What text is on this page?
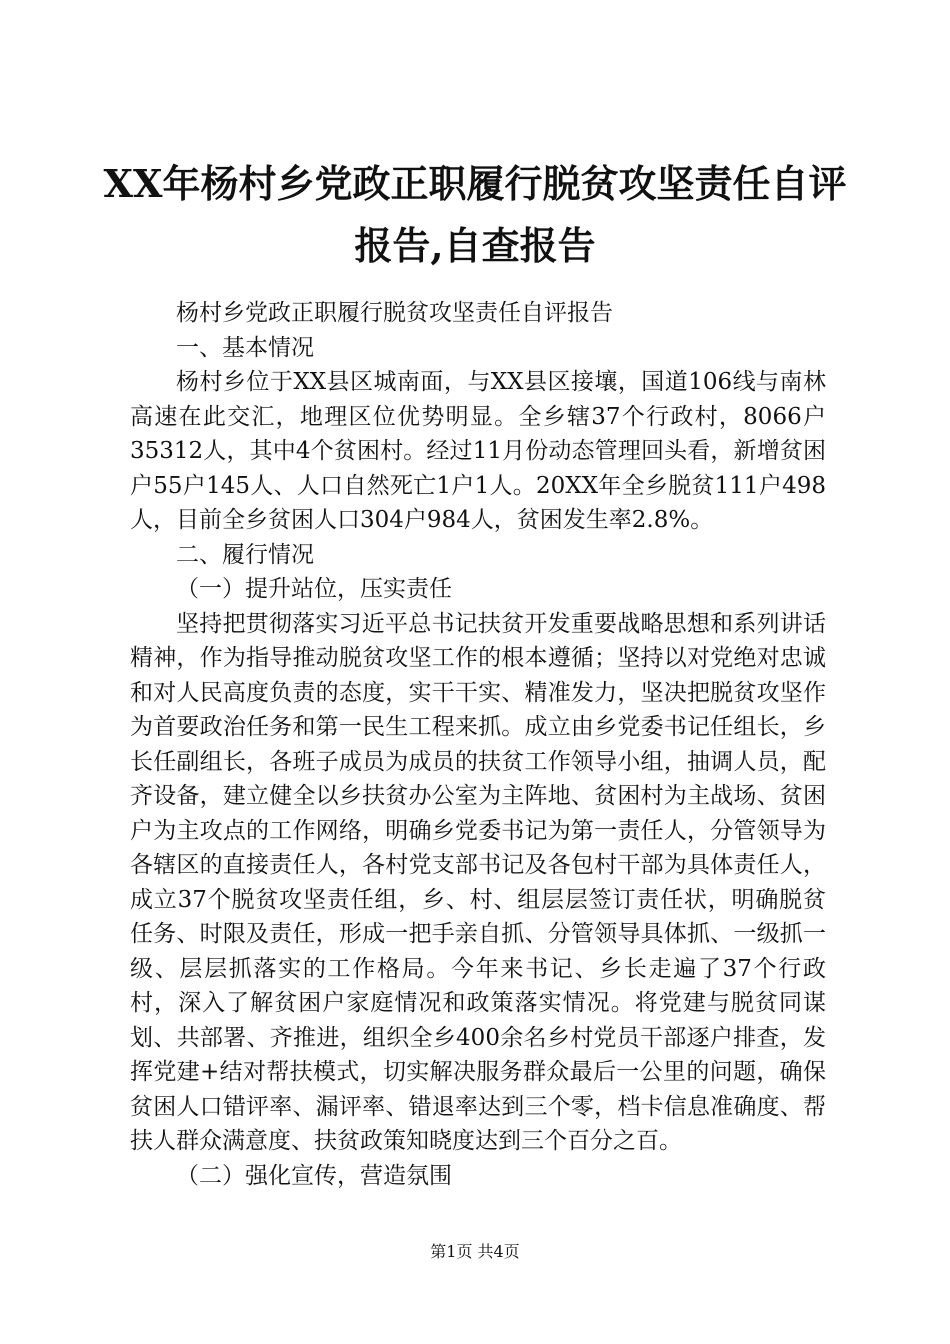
XX年杨村乡党政正职履行脱贫攻坚责任自评
报告,自查报告

杨村乡党政正职履行脱贫攻坚责任自评报告

一、基本情况

杨村乡位于XX县区城南面，与XX县区接壤，国道106线与南林高速在此交汇，地理区位优势明显。全乡辖37个行政村，8066户35312人，其中4个贫困村。经过11月份动态管理回头看，新增贫困户55户145人、人口自然死亡1户1人。20XX年全乡脱贫111户498人，目前全乡贫困人口304户984人，贫困发生率2.8%。

二、履行情况

（一）提升站位，压实责任

坚持把贯彻落实习近平总书记扶贫开发重要战略思想和系列讲话精神，作为指导推动脱贫攻坚工作的根本遵循；坚持以对党绝对忠诚和对人民高度负责的态度，实干干实、精准发力，坚决把脱贫攻坚作为首要政治任务和第一民生工程来抓。成立由乡党委书记任组长，乡长任副组长，各班子成员为成员的扶贫工作领导小组，抽调人员，配齐设备，建立健全以乡扶贫办公室为主阵地、贫困村为主战场、贫困户为主攻点的工作网络，明确乡党委书记为第一责任人，分管领导为各辖区的直接责任人，各村党支部书记及各包村干部为具体责任人，成立37个脱贫攻坚责任组，乡、村、组层层签订责任状，明确脱贫任务、时限及责任，形成一把手亲自抓、分管领导具体抓、一级抓一级、层层抓落实的工作格局。今年来书记、乡长走遍了37个行政村，深入了解贫困户家庭情况和政策落实情况。将党建与脱贫同谋划、共部署、齐推进，组织全乡400余名乡村党员干部逐户排查，发挥党建+结对帮扶模式，切实解决服务群众最后一公里的问题，确保贫困人口错评率、漏评率、错退率达到三个零，档卡信息准确度、帮扶人群众满意度、扶贫政策知晓度达到三个百分之百。

（二）强化宣传，营造氛围

第1页 共4页
